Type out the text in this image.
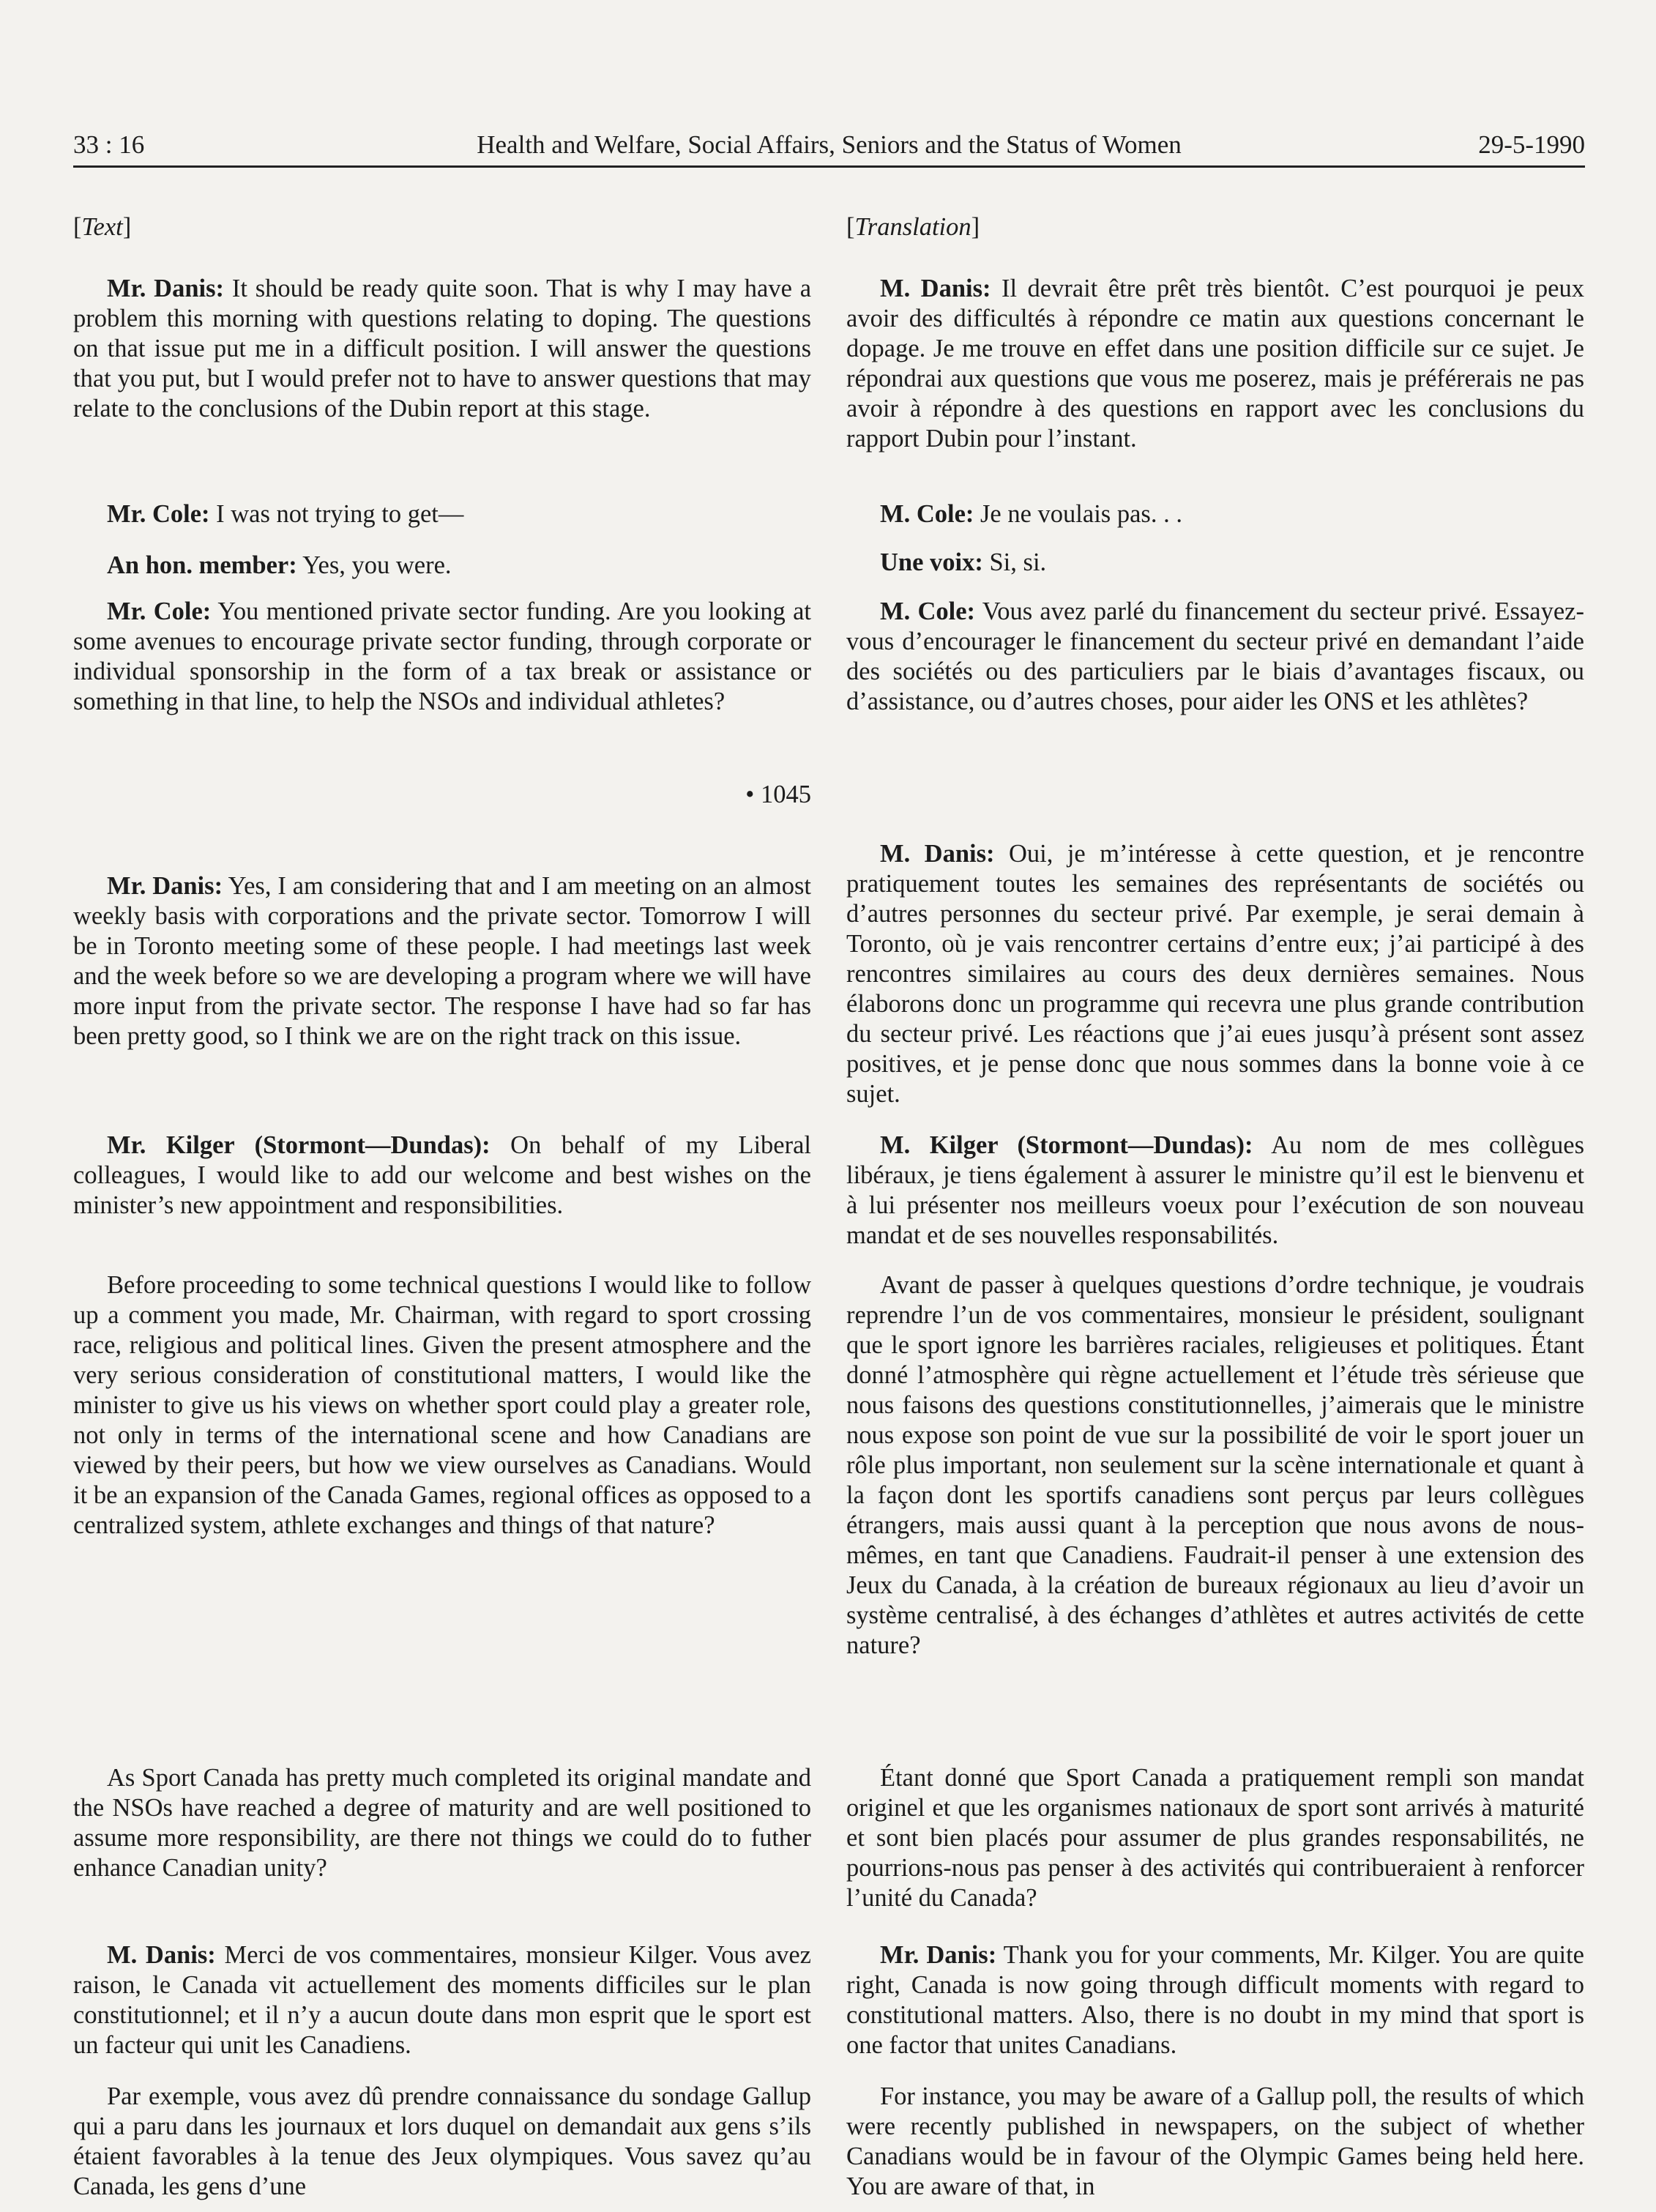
33 : 16	Health and Welfare, Social Affairs, Seniors and the Status of Women	29-5-1990

[Text]

Mr. Danis: It should be ready quite soon. That is why I may have a problem this morning with questions relating to doping. The questions on that issue put me in a difficult position. I will answer the questions that you put, but I would prefer not to have to answer questions that may relate to the conclusions of the Dubin report at this stage.

Mr. Cole: I was not trying to get—

An hon. member: Yes, you were.

Mr. Cole: You mentioned private sector funding. Are you looking at some avenues to encourage private sector funding, through corporate or individual sponsorship in the form of a tax break or assistance or something in that line, to help the NSOs and individual athletes?

• 1045

Mr. Danis: Yes, I am considering that and I am meeting on an almost weekly basis with corporations and the private sector. Tomorrow I will be in Toronto meeting some of these people. I had meetings last week and the week before so we are developing a program where we will have more input from the private sector. The response I have had so far has been pretty good, so I think we are on the right track on this issue.

Mr. Kilger (Stormont—Dundas): On behalf of my Liberal colleagues, I would like to add our welcome and best wishes on the minister’s new appointment and responsibilities.

Before proceeding to some technical questions I would like to follow up a comment you made, Mr. Chairman, with regard to sport crossing race, religious and political lines. Given the present atmosphere and the very serious consideration of constitutional matters, I would like the minister to give us his views on whether sport could play a greater role, not only in terms of the international scene and how Canadians are viewed by their peers, but how we view ourselves as Canadians. Would it be an expansion of the Canada Games, regional offices as opposed to a centralized system, athlete exchanges and things of that nature?

As Sport Canada has pretty much completed its original mandate and the NSOs have reached a degree of maturity and are well positioned to assume more responsibility, are there not things we could do to futher enhance Canadian unity?

M. Danis: Merci de vos commentaires, monsieur Kilger. Vous avez raison, le Canada vit actuellement des moments difficiles sur le plan constitutionnel; et il n’y a aucun doute dans mon esprit que le sport est un facteur qui unit les Canadiens.

Par exemple, vous avez dû prendre connaissance du sondage Gallup qui a paru dans les journaux et lors duquel on demandait aux gens s’ils étaient favorables à la tenue des Jeux olympiques. Vous savez qu’au Canada, les gens d’une

[Translation]

M. Danis: Il devrait être prêt très bientôt. C’est pourquoi je peux avoir des difficultés à répondre ce matin aux questions concernant le dopage. Je me trouve en effet dans une position difficile sur ce sujet. Je répondrai aux questions que vous me poserez, mais je préférerais ne pas avoir à répondre à des questions en rapport avec les conclusions du rapport Dubin pour l’instant.

M. Cole: Je ne voulais pas. . .

Une voix: Si, si.

M. Cole: Vous avez parlé du financement du secteur privé. Essayez-vous d’encourager le financement du secteur privé en demandant l’aide des sociétés ou des particuliers par le biais d’avantages fiscaux, ou d’assistance, ou d’autres choses, pour aider les ONS et les athlètes?

M. Danis: Oui, je m’intéresse à cette question, et je rencontre pratiquement toutes les semaines des représentants de sociétés ou d’autres personnes du secteur privé. Par exemple, je serai demain à Toronto, où je vais rencontrer certains d’entre eux; j’ai participé à des rencontres similaires au cours des deux dernières semaines. Nous élaborons donc un programme qui recevra une plus grande contribution du secteur privé. Les réactions que j’ai eues jusqu’à présent sont assez positives, et je pense donc que nous sommes dans la bonne voie à ce sujet.

M. Kilger (Stormont—Dundas): Au nom de mes collègues libéraux, je tiens également à assurer le ministre qu’il est le bienvenu et à lui présenter nos meilleurs voeux pour l’exécution de son nouveau mandat et de ses nouvelles responsabilités.

Avant de passer à quelques questions d’ordre technique, je voudrais reprendre l’un de vos commentaires, monsieur le président, soulignant que le sport ignore les barrières raciales, religieuses et politiques. Étant donné l’atmosphère qui règne actuellement et l’étude très sérieuse que nous faisons des questions constitutionnelles, j’aimerais que le ministre nous expose son point de vue sur la possibilité de voir le sport jouer un rôle plus important, non seulement sur la scène internationale et quant à la façon dont les sportifs canadiens sont perçus par leurs collègues étrangers, mais aussi quant à la perception que nous avons de nous-mêmes, en tant que Canadiens. Faudrait-il penser à une extension des Jeux du Canada, à la création de bureaux régionaux au lieu d’avoir un système centralisé, à des échanges d’athlètes et autres activités de cette nature?

Étant donné que Sport Canada a pratiquement rempli son mandat originel et que les organismes nationaux de sport sont arrivés à maturité et sont bien placés pour assumer de plus grandes responsabilités, ne pourrions-nous pas penser à des activités qui contribueraient à renforcer l’unité du Canada?

Mr. Danis: Thank you for your comments, Mr. Kilger. You are quite right, Canada is now going through difficult moments with regard to constitutional matters. Also, there is no doubt in my mind that sport is one factor that unites Canadians.

For instance, you may be aware of a Gallup poll, the results of which were recently published in newspapers, on the subject of whether Canadians would be in favour of the Olympic Games being held here. You are aware of that, in
